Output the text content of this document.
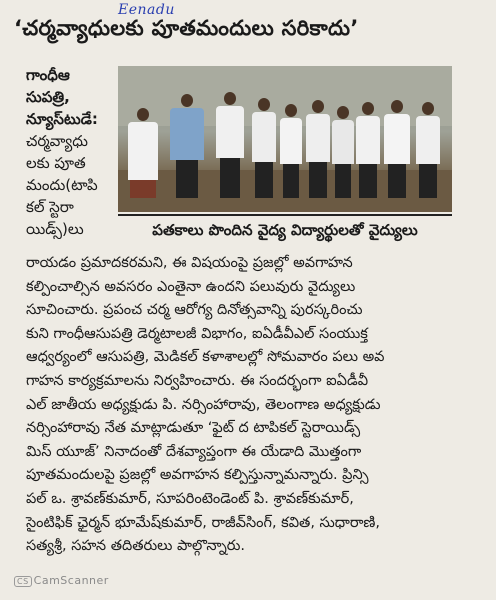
Eenadu
‘చర్మవ్యాధులకు పూతమందులు సరికాదు’
గాంధీఆ
సుపత్రి,
న్యూస్‌టుడే:
చర్మవ్యాధు
లకు పూత
మందు(టాపి
కల్ స్టెరా
యిడ్స్)లు	పతకాలు పొందిన వైద్య విద్యార్థులతో వైద్యులు
రాయడం ప్రమాదకరమని, ఈ విషయంపై ప్రజల్లో అవగాహన
కల్పించాల్సిన అవసరం ఎంతైనా ఉందని పలువురు వైద్యులు
సూచించారు. ప్రపంచ చర్మ ఆరోగ్య దినోత్సవాన్ని పురస్కరించు
కుని గాంధీఆసుపత్రి డెర్మటాలజీ విభాగం, ఐఏడీవీఎల్ సంయుక్త
ఆధ్వర్యంలో ఆసుపత్రి, మెడికల్ కళాశాలల్లో సోమవారం పలు అవ
గాహన కార్యక్రమాలను నిర్వహించారు. ఈ సందర్భంగా ఐఏడీవీ
ఎల్ జాతీయ అధ్యక్షుడు పి. నర్సింహారావు, తెలంగాణ అధ్యక్షుడు
నర్సింహారావు నేత మాట్లాడుతూ ‘ఫైట్ ద టాపికల్ స్టెరాయిడ్స్
మిస్ యూజ్’ నినాదంతో దేశవ్యాప్తంగా ఈ యేడాది మొత్తంగా
పూతమందులపై ప్రజల్లో అవగాహన కల్పిస్తున్నామన్నారు. ప్రిన్సి
పల్ ఒ. శ్రావణ్‌కుమార్, సూపరింటెండెంట్ పి. శ్రావణ్‌కుమార్,
సైంటిఫిక్ ఛైర్మన్ భూమేష్‌కుమార్, రాజీవ్‌సింగ్, కవిత, సుధారాణి,
సత్యశ్రీ, సహన తదితరులు పాల్గొన్నారు.
CS CamScanner
